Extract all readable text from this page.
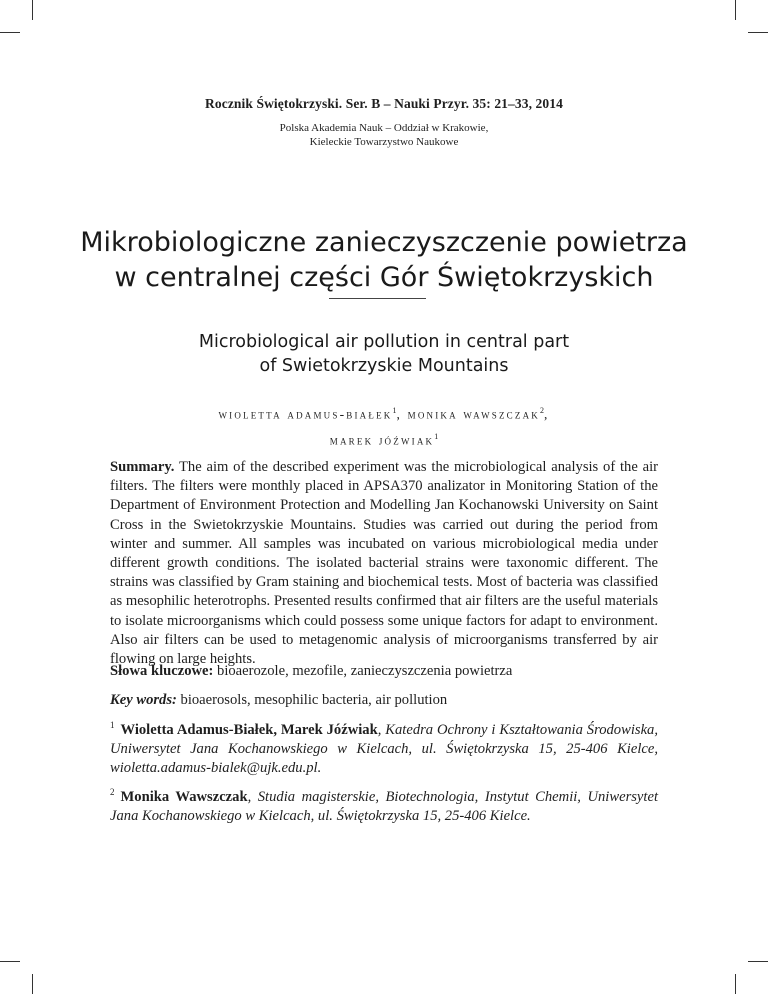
Rocznik Świętokrzyski. Ser. B – Nauki Przyr. 35: 21–33, 2014
Polska Akademia Nauk – Oddział w Krakowie,
Kieleckie Towarzystwo Naukowe
Mikrobiologiczne zanieczyszczenie powietrza
w centralnej części Gór Świętokrzyskich
Microbiological air pollution in central part
of Swietokrzyskie Mountains
wioletta adamus-białek$^1$, monika wawszczak$^2$,
marek jóźwiak$^1$
Summary. The aim of the described experiment was the microbiological analysis of the air filters. The filters were monthly placed in APSA370 analizator in Monitoring Station of the Department of Environment Protection and Modelling Jan Kochanowski University on Saint Cross in the Swietokrzyskie Mountains. Studies was carried out during the period from winter and summer. All samples was incubated on various microbiological media under different growth conditions. The isolated bacterial strains were taxonomic different. The strains was classified by Gram staining and biochemical tests. Most of bacteria was classified as mesophilic heterotrophs. Presented results confirmed that air filters are the useful materials to isolate microorganisms which could possess some unique factors for adapt to environment. Also air filters can be used to metagenomic analysis of microorganisms transferred by air flowing on large heights.
Słowa kluczowe: bioaerozole, mezofile, zanieczyszczenia powietrza
Key words: bioaerosols, mesophilic bacteria, air pollution
$^1$ Wioletta Adamus-Białek, Marek Jóźwiak, Katedra Ochrony i Kształtowania Środowiska, Uniwersytet Jana Kochanowskiego w Kielcach, ul. Świętokrzyska 15, 25-406 Kielce, wioletta.adamus-bialek@ujk.edu.pl.
$^2$ Monika Wawszczak, Studia magisterskie, Biotechnologia, Instytut Chemii, Uniwersytet Jana Kochanowskiego w Kielcach, ul. Świętokrzyska 15, 25-406 Kielce.
